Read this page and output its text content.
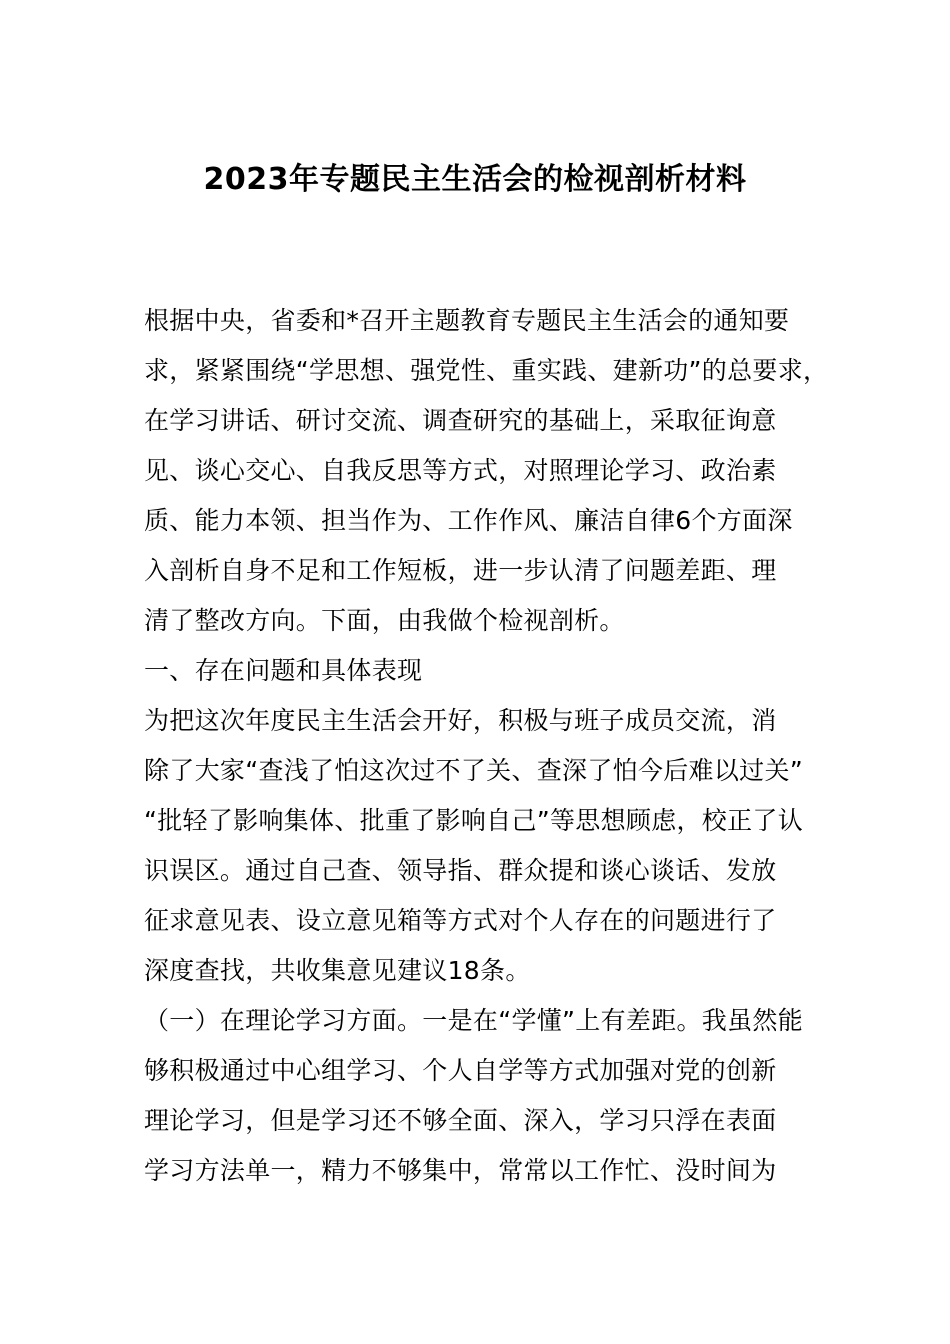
2023年专题民主生活会的检视剖析材料
根据中央，省委和*召开主题教育专题民主生活会的通知要
求，紧紧围绕“学思想、强党性、重实践、建新功”的总要求，
在学习讲话、研讨交流、调查研究的基础上，采取征询意
见、谈心交心、自我反思等方式，对照理论学习、政治素
质、能力本领、担当作为、工作作风、廉洁自律6个方面深
入剖析自身不足和工作短板，进一步认清了问题差距、理
清了整改方向。下面，由我做个检视剖析。
一、存在问题和具体表现
为把这次年度民主生活会开好，积极与班子成员交流，消
除了大家“查浅了怕这次过不了关、查深了怕今后难以过关”
“批轻了影响集体、批重了影响自己”等思想顾虑，校正了认
识误区。通过自己查、领导指、群众提和谈心谈话、发放
征求意见表、设立意见箱等方式对个人存在的问题进行了
深度查找，共收集意见建议18条。
（一）在理论学习方面。一是在“学懂”上有差距。我虽然能
够积极通过中心组学习、个人自学等方式加强对党的创新
理论学习，但是学习还不够全面、深入，学习只浮在表面
学习方法单一，精力不够集中，常常以工作忙、没时间为
